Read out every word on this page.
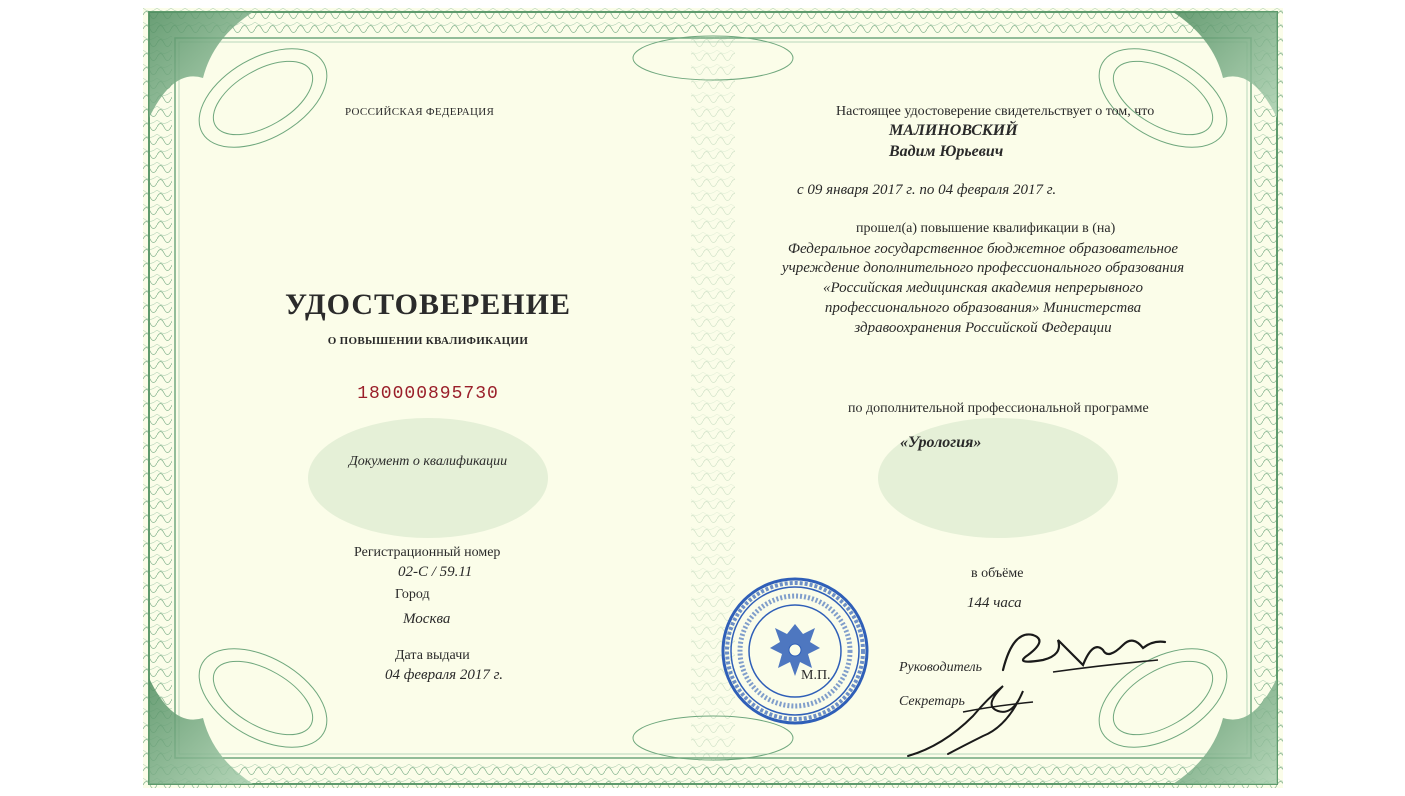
РОССИЙСКАЯ ФЕДЕРАЦИЯ
УДОСТОВЕРЕНИЕ
О ПОВЫШЕНИИ КВАЛИФИКАЦИИ
180000895730
Документ о квалификации
Регистрационный номер
02-С / 59.11
Город
Москва
Дата выдачи
04 февраля 2017 г.
Настоящее удостоверение свидетельствует о том, что
МАЛИНОВСКИЙ
Вадим Юрьевич
с 09 января 2017 г. по 04 февраля 2017 г.
прошел(а) повышение квалификации в (на)
Федеральное государственное бюджетное образовательное
учреждение дополнительного профессионального образования
«Российская медицинская академия непрерывного
профессионального образования» Министерства
здравоохранения Российской Федерации
по дополнительной профессиональной программе
«Урология»
в объёме
144 часа
Руководитель
Секретарь
М.П.
